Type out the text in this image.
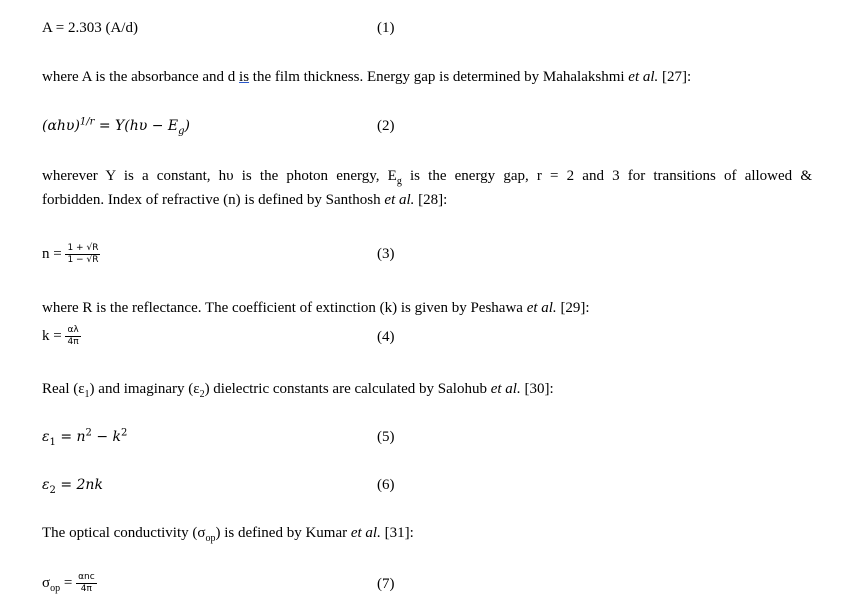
A = 2.303 (A/d)	(1)
where A is the absorbance and d is the film thickness. Energy gap is determined by Mahalakshmi et al. [27]:
$(\alpha h\upsilon)^{1/r} = Y(h\upsilon - E_g)$	(2)
wherever Y is a constant, hυ is the photon energy, $E_g$ is the energy gap, r = 2 and 3 for transitions of allowed &
forbidden. Index of refractive (n) is defined by Santhosh et al. [28]:
$n = \frac{1 + √R}{1 - √R}$	(3)
where R is the reflectance. The coefficient of extinction (k) is given by Peshawa et al. [29]:
$k = \frac{\alpha\lambda}{4\pi}$	(4)
Real $(\varepsilon_1)$ and imaginary $(\varepsilon_2)$ dielectric constants are calculated by Salohub et al. [30]:
$\varepsilon_1 = n^2 - k^2$	(5)
$\varepsilon_2 = 2nk$	(6)
The optical conductivity $(\sigma_{op})$ is defined by Kumar et al. [31]:
$\sigma_{op} = \frac{\text{αnc}}{4\pi}$	(7)
